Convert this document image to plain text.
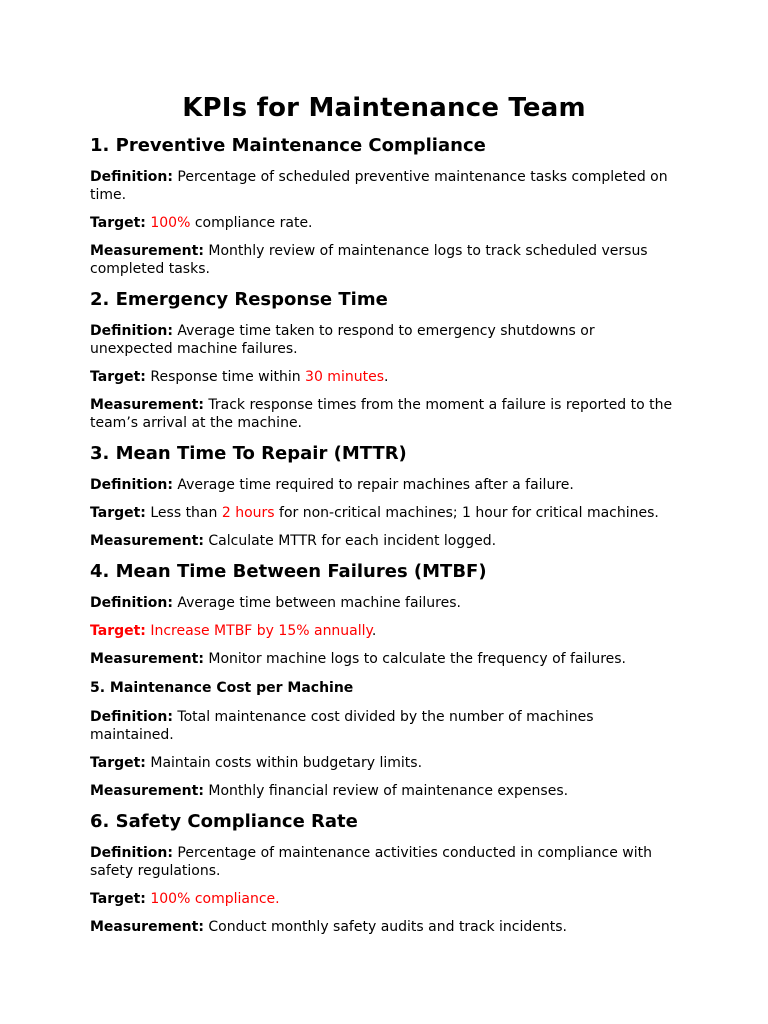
KPIs for Maintenance Team
1. Preventive Maintenance Compliance

Definition: Percentage of scheduled preventive maintenance tasks completed on time.

Target: 100% compliance rate.

Measurement: Monthly review of maintenance logs to track scheduled versus completed tasks.

2. Emergency Response Time

Definition: Average time taken to respond to emergency shutdowns or unexpected machine failures.

Target: Response time within 30 minutes.

Measurement: Track response times from the moment a failure is reported to the team’s arrival at the machine.

3. Mean Time To Repair (MTTR)

Definition: Average time required to repair machines after a failure.

Target: Less than 2 hours for non-critical machines; 1 hour for critical machines.

Measurement: Calculate MTTR for each incident logged.

4. Mean Time Between Failures (MTBF)

Definition: Average time between machine failures.

Target: Increase MTBF by 15% annually.

Measurement: Monitor machine logs to calculate the frequency of failures.

5. Maintenance Cost per Machine

Definition: Total maintenance cost divided by the number of machines maintained.

Target: Maintain costs within budgetary limits.

Measurement: Monthly financial review of maintenance expenses.

6. Safety Compliance Rate

Definition: Percentage of maintenance activities conducted in compliance with safety regulations.

Target: 100% compliance.

Measurement: Conduct monthly safety audits and track incidents.
